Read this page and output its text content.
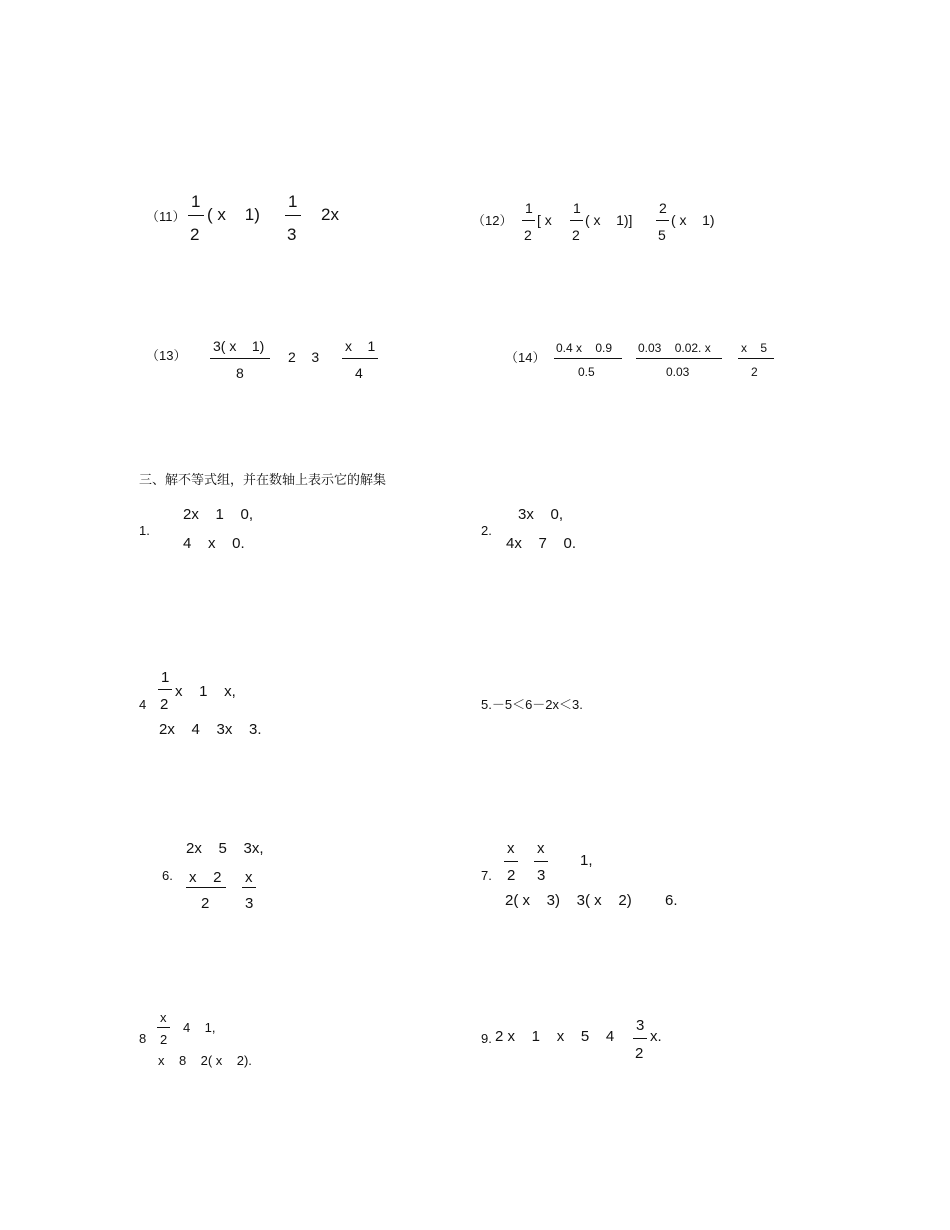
（11）
1
2
( x    1)
1
3
2x	（12）
1
2
[ x
1
2
( x    1)]
2
5
( x    1)
（13）
3( x    1)
8
2    3
x    1
4
（14）
0.4 x    0.9
0.5
0.03    0.02. x
0.03
x    5
2
三、解不等式组，并在数轴上表示它的解集
1.
2x    1    0,
4    x    0.
2.
3x    0,
4x    7    0.
4
1
2
x    1    x,
2x    4    3x    3.
5.－5＜6－2x＜3.
6.
2x    5    3x,
x    2
2
x
3
7.
x
2
x
3
1,
2( x    3)    3( x    2)        6.
8
x
2
4    1,
x    8    2( x    2).
9. 2 x    1    x    5    4
3
2
x.
